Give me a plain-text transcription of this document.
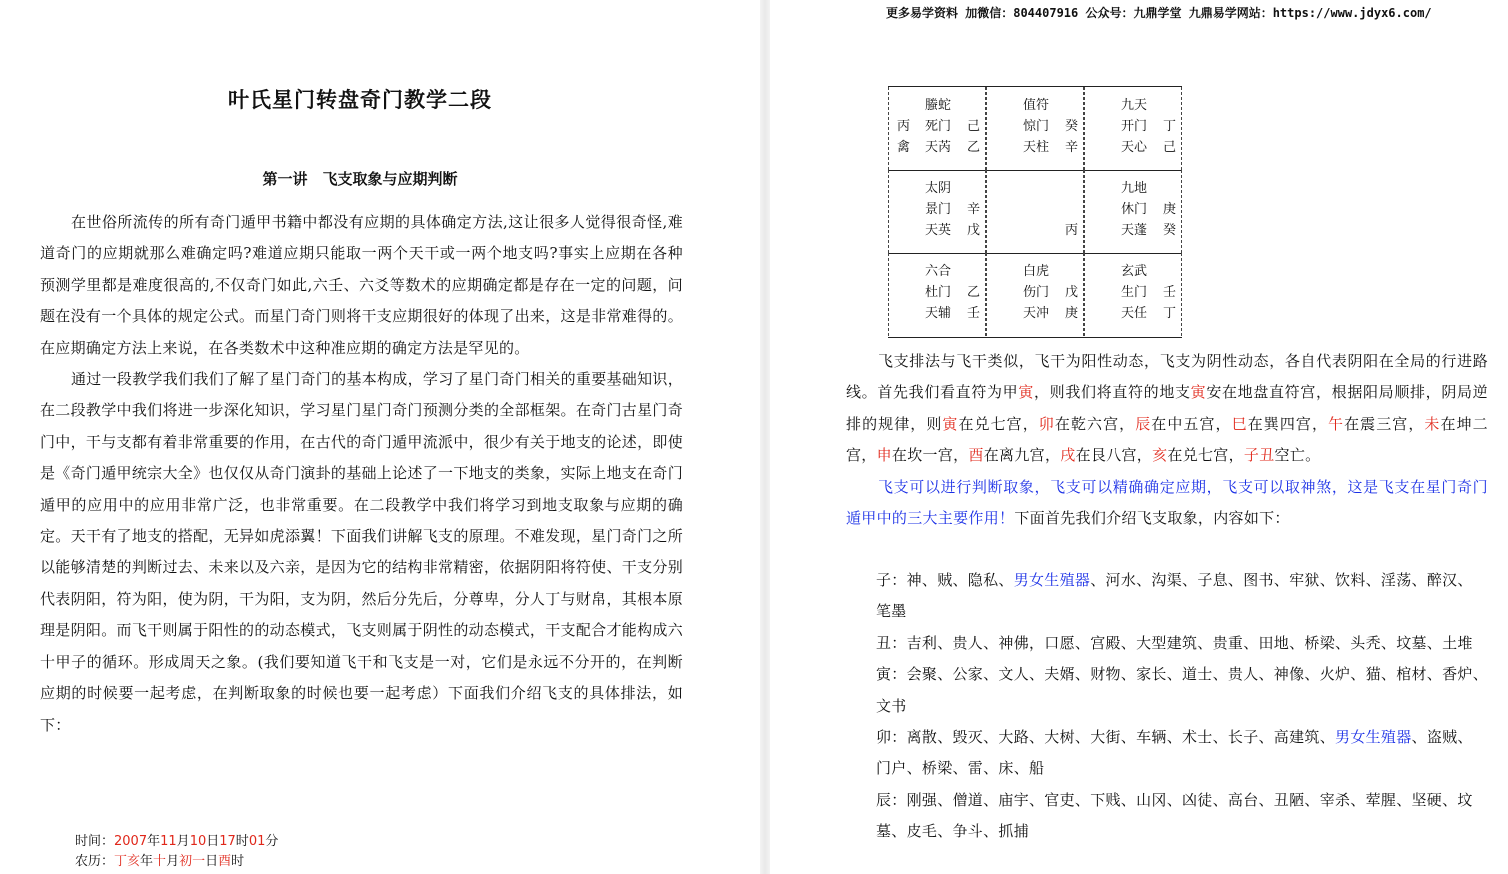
叶氏星门转盘奇门教学二段
第一讲　飞支取象与应期判断

在世俗所流传的所有奇门遁甲书籍中都没有应期的具体确定方法,这让很多人觉得很奇怪,难道奇门的应期就那么难确定吗?难道应期只能取一两个天干或一两个地支吗?事实上应期在各种预测学里都是难度很高的,不仅奇门如此,六壬、六爻等数术的应期确定都是存在一定的问题，问题在没有一个具体的规定公式。而星门奇门则将干支应期很好的体现了出来，这是非常难得的。在应期确定方法上来说，在各类数术中这种准应期的确定方法是罕见的。

通过一段教学我们我们了解了星门奇门的基本构成，学习了星门奇门相关的重要基础知识，在二段教学中我们将进一步深化知识，学习星门星门奇门预测分类的全部框架。在奇门古星门奇门中，干与支都有着非常重要的作用，在古代的奇门遁甲流派中，很少有关于地支的论述，即使是《奇门遁甲统宗大全》也仅仅从奇门演卦的基础上论述了一下地支的类象，实际上地支在奇门遁甲的应用中的应用非常广泛，也非常重要。在二段教学中我们将学习到地支取象与应期的确定。天干有了地支的搭配，无异如虎添翼！下面我们讲解飞支的原理。不难发现，星门奇门之所以能够清楚的判断过去、未来以及六亲，是因为它的结构非常精密，依据阴阳将符使、干支分别代表阴阳，符为阳，使为阴，干为阳，支为阴，然后分先后，分尊卑，分人丁与财帛，其根本原理是阴阳。而飞干则属于阳性的的动态模式，飞支则属于阴性的动态模式，干支配合才能构成六十甲子的循环。形成周天之象。(我们要知道飞干和飞支是一对，它们是永远不分开的，在判断应期的时候要一起考虑，在判断取象的时候也要一起考虑）下面我们介绍飞支的具体排法，如下：

时间：2007年11月10日17时01分
农历：丁亥年十月初一日酉时
更多易学资料 加微信：804407916 公众号：九鼎学堂 九鼎易学网站：https://www.jdyx6.com/
螣蛇
丙 死门 己
禽 天芮 乙
值符
惊门 癸
天柱 辛
九天
开门 丁
天心 己
太阴
景门 辛
天英 戊	丙
九地
休门 庚
天蓬 癸
六合
杜门 乙
天辅 壬
白虎
伤门 戊
天冲 庚
玄武
生门 壬
天任 丁

飞支排法与飞干类似，飞干为阳性动态，飞支为阴性动态，各自代表阴阳在全局的行进路线。首先我们看直符为甲寅，则我们将直符的地支寅安在地盘直符宫，根据阳局顺排，阴局逆排的规律，则寅在兑七宫，卯在乾六宫，辰在中五宫，巳在巽四宫，午在震三宫，未在坤二宫，申在坎一宫，酉在离九宫，戌在艮八宫，亥在兑七宫，子丑空亡。

飞支可以进行判断取象，飞支可以精确确定应期，飞支可以取神煞，这是飞支在星门奇门遁甲中的三大主要作用！下面首先我们介绍飞支取象，内容如下：

子：神、贼、隐私、男女生殖器、河水、沟渠、子息、图书、牢狱、饮料、淫荡、醉汉、笔墨

丑：吉利、贵人、神佛，口愿、宫殿、大型建筑、贵重、田地、桥梁、头秃、坟墓、土堆

寅：会聚、公家、文人、夫婿、财物、家长、道士、贵人、神像、火炉、猫、棺材、香炉、文书

卯：离散、毁灭、大路、大树、大街、车辆、术士、长子、高建筑、男女生殖器、盗贼、门户、桥梁、雷、床、船

辰：刚强、僧道、庙宇、官吏、下贱、山冈、凶徒、高台、丑陋、宰杀、荤腥、坚硬、坟墓、皮毛、争斗、抓捕
